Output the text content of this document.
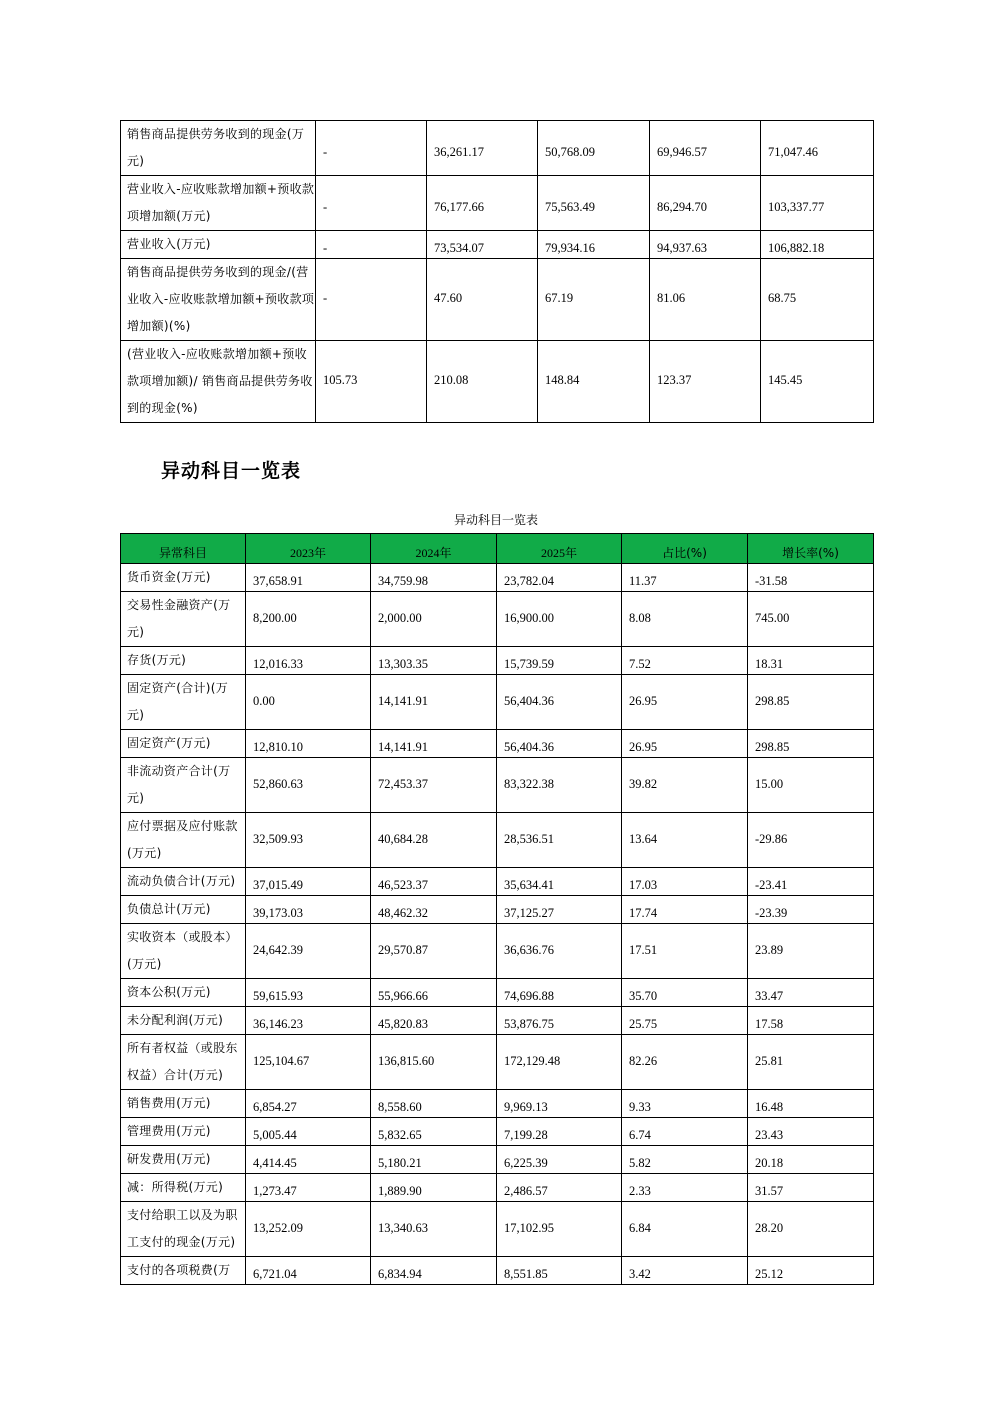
销售商品提供劳务收到的现金(万元)	-	36,261.17	50,768.09	69,946.57	71,047.46
营业收入-应收账款增加额+预收款项增加额(万元)	-	76,177.66	75,563.49	86,294.70	103,337.77
营业收入(万元)	-	73,534.07	79,934.16	94,937.63	106,882.18
销售商品提供劳务收到的现金/(营业收入-应收账款增加额+预收款项增加额)(%)	-	47.60	67.19	81.06	68.75
(营业收入-应收账款增加额+预收款项增加额)/ 销售商品提供劳务收到的现金(%)	105.73	210.08	148.84	123.37	145.45
异动科目一览表
异动科目一览表
异常科目	2023年	2024年	2025年	占比(%)	增长率(%)
货币资金(万元)	37,658.91	34,759.98	23,782.04	11.37	-31.58
交易性金融资产(万元)	8,200.00	2,000.00	16,900.00	8.08	745.00
存货(万元)	12,016.33	13,303.35	15,739.59	7.52	18.31
固定资产(合计)(万元)	0.00	14,141.91	56,404.36	26.95	298.85
固定资产(万元)	12,810.10	14,141.91	56,404.36	26.95	298.85
非流动资产合计(万元)	52,860.63	72,453.37	83,322.38	39.82	15.00
应付票据及应付账款(万元)	32,509.93	40,684.28	28,536.51	13.64	-29.86
流动负债合计(万元)	37,015.49	46,523.37	35,634.41	17.03	-23.41
负债总计(万元)	39,173.03	48,462.32	37,125.27	17.74	-23.39
实收资本（或股本）(万元)	24,642.39	29,570.87	36,636.76	17.51	23.89
资本公积(万元)	59,615.93	55,966.66	74,696.88	35.70	33.47
未分配利润(万元)	36,146.23	45,820.83	53,876.75	25.75	17.58
所有者权益（或股东权益）合计(万元)	125,104.67	136,815.60	172,129.48	82.26	25.81
销售费用(万元)	6,854.27	8,558.60	9,969.13	9.33	16.48
管理费用(万元)	5,005.44	5,832.65	7,199.28	6.74	23.43
研发费用(万元)	4,414.45	5,180.21	6,225.39	5.82	20.18
减：所得税(万元)	1,273.47	1,889.90	2,486.57	2.33	31.57
支付给职工以及为职工支付的现金(万元)	13,252.09	13,340.63	17,102.95	6.84	28.20
支付的各项税费(万	6,721.04	6,834.94	8,551.85	3.42	25.12
